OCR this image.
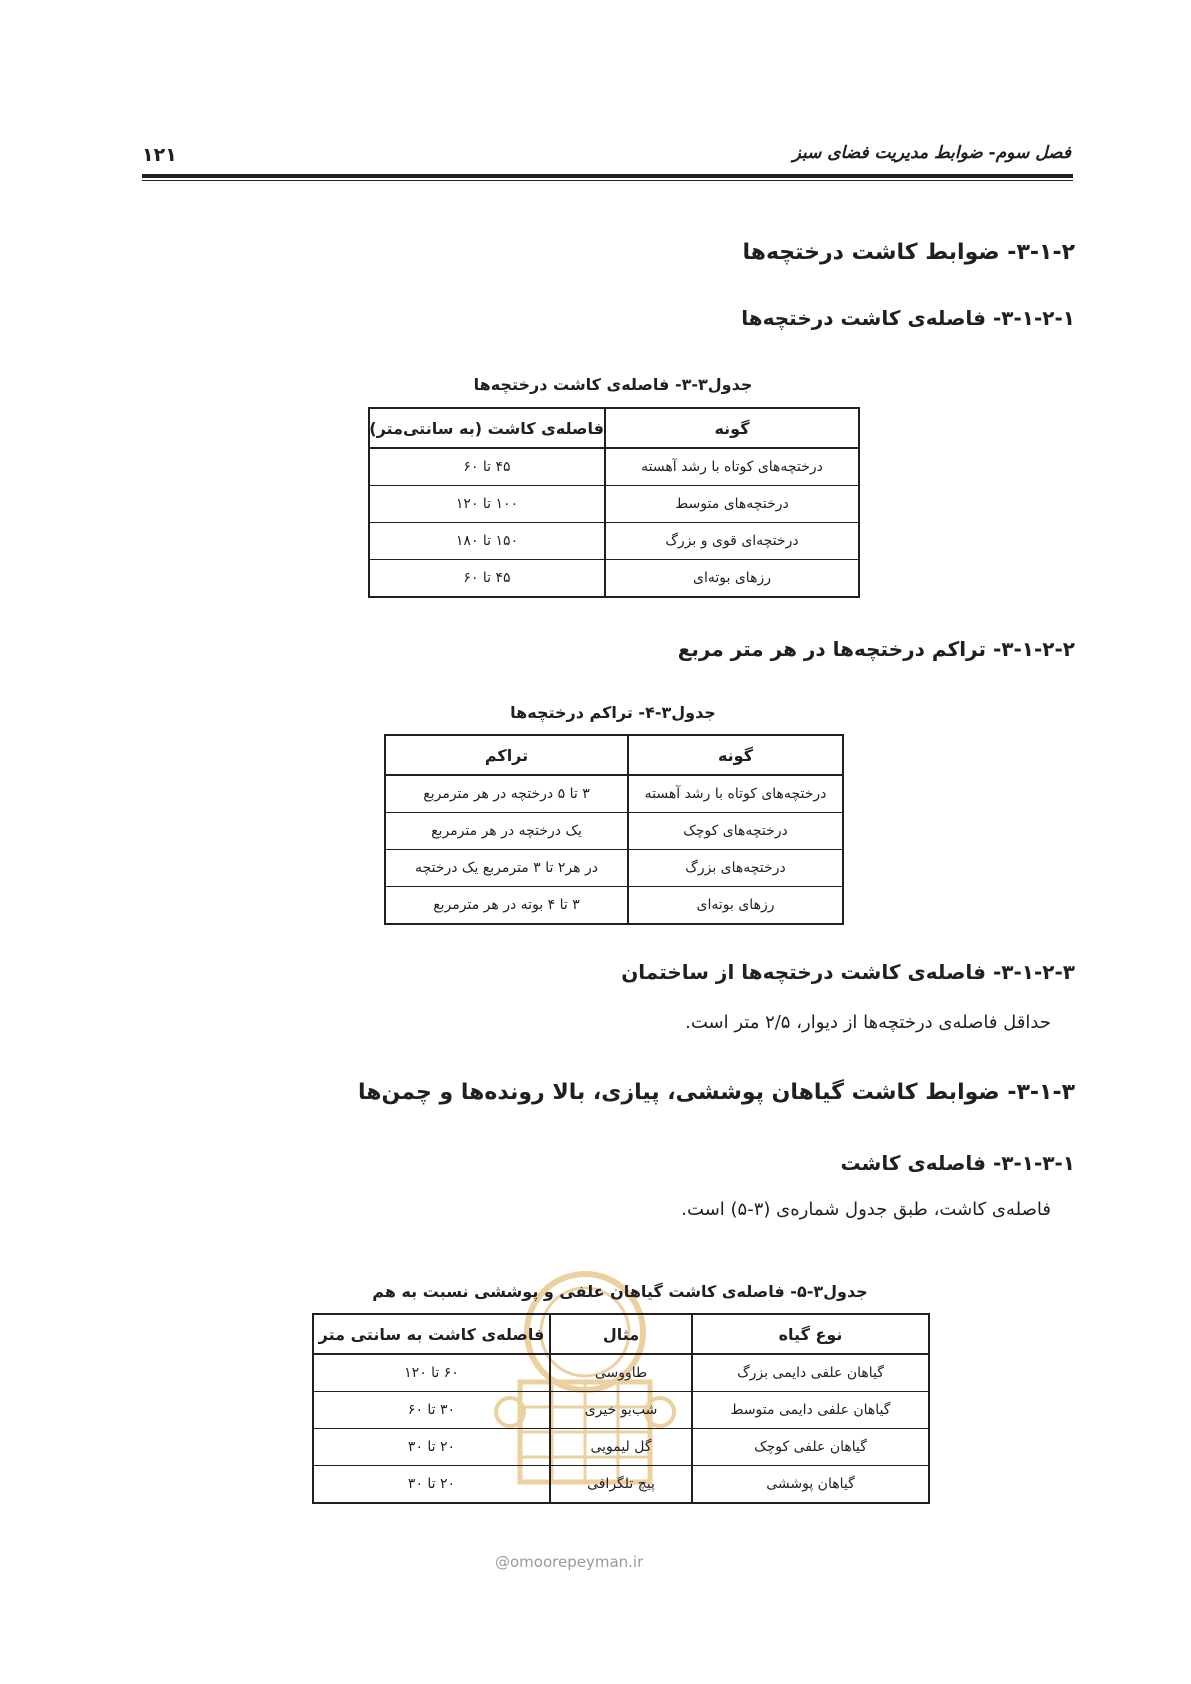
فصل سوم- ضوابط مدیریت فضای سبز
۱۲۱
۳-۱-۲- ضوابط کاشت درختچه‌ها
۳-۱-۲-۱- فاصله‌ی کاشت درختچه‌ها
جدول۳-۳- فاصله‌ی کاشت درختچه‌ها
گونه	فاصله‌ی کاشت (به سانتی‌متر)
درختچه‌های کوتاه با رشد آهسته	۴۵ تا ۶۰
درختچه‌های متوسط	۱۰۰ تا ۱۲۰
درختچه‌ای قوی و بزرگ	۱۵۰ تا ۱۸۰
رزهای بوته‌ای	۴۵ تا ۶۰
۳-۱-۲-۲- تراکم درختچه‌ها در هر متر مربع
جدول۳-۴- تراکم درختچه‌ها
گونه	تراکم
درختچه‌های کوتاه با رشد آهسته	۳ تا ۵ درختچه در هر مترمربع
درختچه‌های کوچک	یک درختچه در هر مترمربع
درختچه‌های بزرگ	در هر۲ تا ۳ مترمربع یک درختچه
رزهای بوته‌ای	۳ تا ۴ بوته در هر مترمربع
۳-۱-۲-۳- فاصله‌ی کاشت درختچه‌ها از ساختمان
حداقل فاصله‌ی درختچه‌ها از دیوار، ۲/۵ متر است.
۳-۱-۳- ضوابط کاشت گیاهان پوششی، پیازی، بالا رونده‌ها و چمن‌ها
۳-۱-۳-۱- فاصله‌ی کاشت
فاصله‌ی کاشت، طبق جدول شماره‌ی (۳-۵) است.
جدول۳-۵- فاصله‌ی کاشت گیاهان علفی و پوششی نسبت به هم
نوع گیاه	مثال	فاصله‌ی کاشت به سانتی متر
گیاهان علفی دایمی بزرگ	طاووسی	۶۰ تا ۱۲۰
گیاهان علفی دایمی متوسط	شب‌بو خیری	۳۰ تا ۶۰
گیاهان علفی کوچک	گل لیمویی	۲۰ تا ۳۰
گیاهان پوششی	پیچ تلگرافی	۲۰ تا ۳۰
@omoorepeyman.ir
